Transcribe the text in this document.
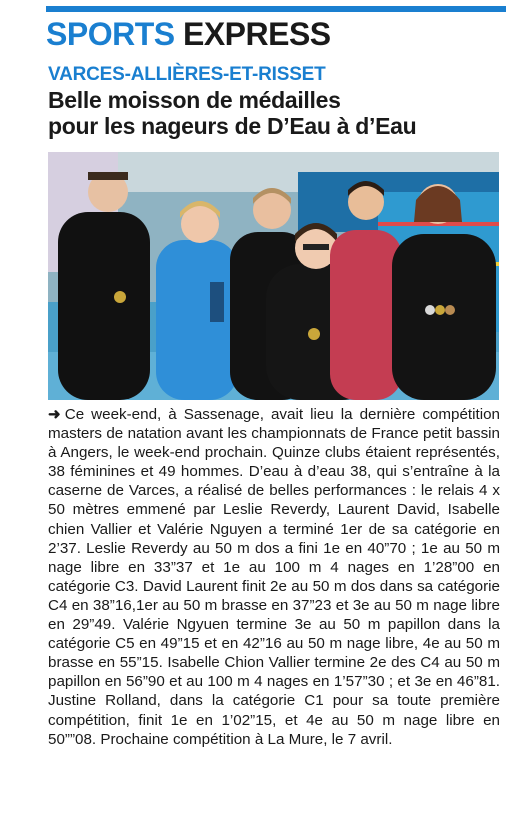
SPORTS EXPRESS
VARCES-ALLIÈRES-ET-RISSET
Belle moisson de médailles
pour les nageurs de D’Eau à d’Eau

➜ Ce week-end, à Sassenage, avait lieu la dernière compétition masters de natation avant les championnats de France petit bassin à Angers, le week-end prochain. Quinze clubs étaient représentés, 38 féminines et 49 hommes. D’eau à d’eau 38, qui s’entraîne à la caserne de Varces, a réalisé de belles performances : le relais 4 x 50 mètres emmené par Leslie Reverdy, Laurent David, Isabelle chien Vallier et Valérie Nguyen a terminé 1er de sa catégorie en 2’37. Leslie Reverdy au 50 m dos a fini 1e en 40”70 ; 1e au 50 m nage libre en 33”37 et 1e au 100 m 4 nages en 1’28”00 en catégorie C3. David Laurent finit 2e au 50 m dos dans sa catégorie C4 en 38”16,1er au 50 m brasse en 37”23 et 3e au 50 m nage libre en 29”49. Valérie Ngyuen termine 3e au 50 m papillon dans la catégorie C5 en 49”15 et en 42”16 au 50 m nage libre, 4e au 50 m brasse en 55”15. Isabelle Chion Vallier termine 2e des C4 au 50 m papillon en 56”90 et au 100 m 4 nages en 1’57”30 ; et 3e en 46”81. Justine Rolland, dans la catégorie C1 pour sa toute première compétition, finit 1e en 1’02”15, et 4e au 50 m nage libre en 50””08. Prochaine compétition à La Mure, le 7 avril.
